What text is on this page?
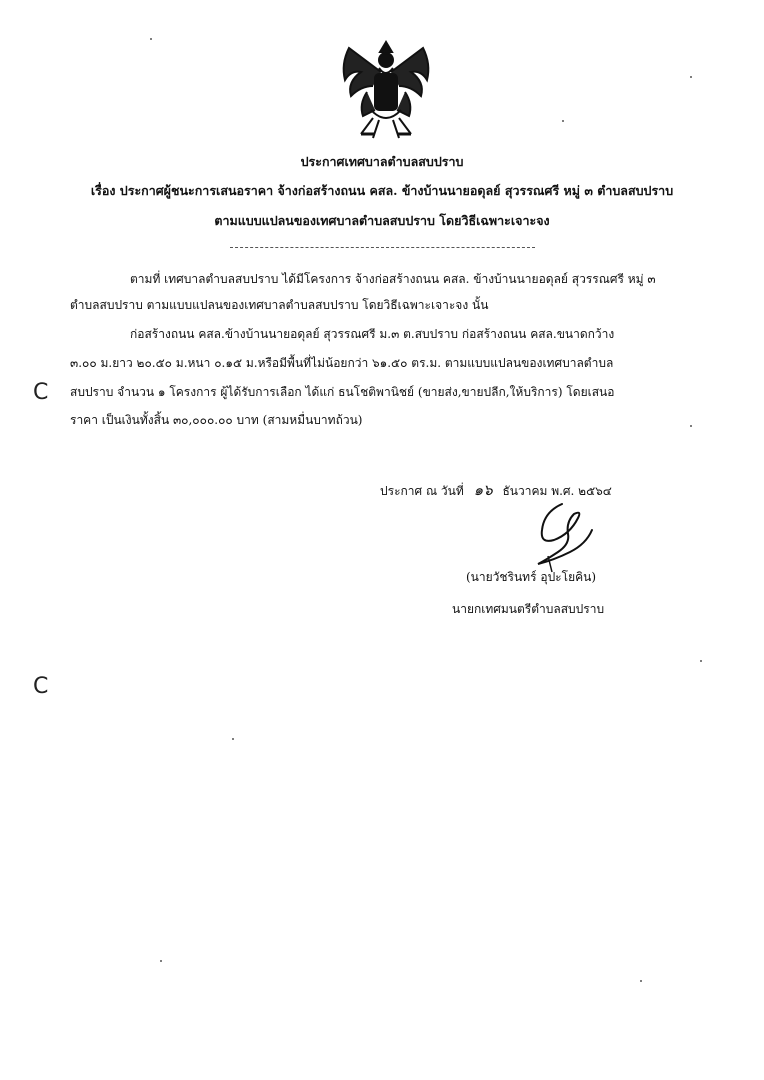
ประกาศเทศบาลตำบลสบปราบ
เรื่อง ประกาศผู้ชนะการเสนอราคา จ้างก่อสร้างถนน คสล. ข้างบ้านนายอดุลย์ สุวรรณศรี หมู่ ๓ ตำบลสบปราบ
ตามแบบแปลนของเทศบาลตำบลสบปราบ โดยวิธีเฉพาะเจาะจง
ตามที่ เทศบาลตำบลสบปราบ ได้มีโครงการ จ้างก่อสร้างถนน คสล. ข้างบ้านนายอดุลย์ สุวรรณศรี หมู่ ๓
ตำบลสบปราบ ตามแบบแปลนของเทศบาลตำบลสบปราบ โดยวิธีเฉพาะเจาะจง นั้น
ก่อสร้างถนน คสล.ข้างบ้านนายอดุลย์ สุวรรณศรี ม.๓ ต.สบปราบ ก่อสร้างถนน คสล.ขนาดกว้าง
๓.๐๐ ม.ยาว ๒๐.๕๐ ม.หนา ๐.๑๕ ม.หรือมีพื้นที่ไม่น้อยกว่า ๖๑.๕๐ ตร.ม. ตามแบบแปลนของเทศบาลตำบล
สบปราบ จำนวน ๑ โครงการ ผู้ได้รับการเลือก ได้แก่ ธนโชติพานิชย์ (ขายส่ง,ขายปลีก,ให้บริการ) โดยเสนอ
ราคา เป็นเงินทั้งสิ้น ๓๐,๐๐๐.๐๐ บาท (สามหมื่นบาทถ้วน)
ประกาศ ณ วันที่ ๑๖ ธันวาคม พ.ศ. ๒๕๖๔
(นายวัชรินทร์ อุปะโยคิน)
นายกเทศมนตรีตำบลสบปราบ
C
C
